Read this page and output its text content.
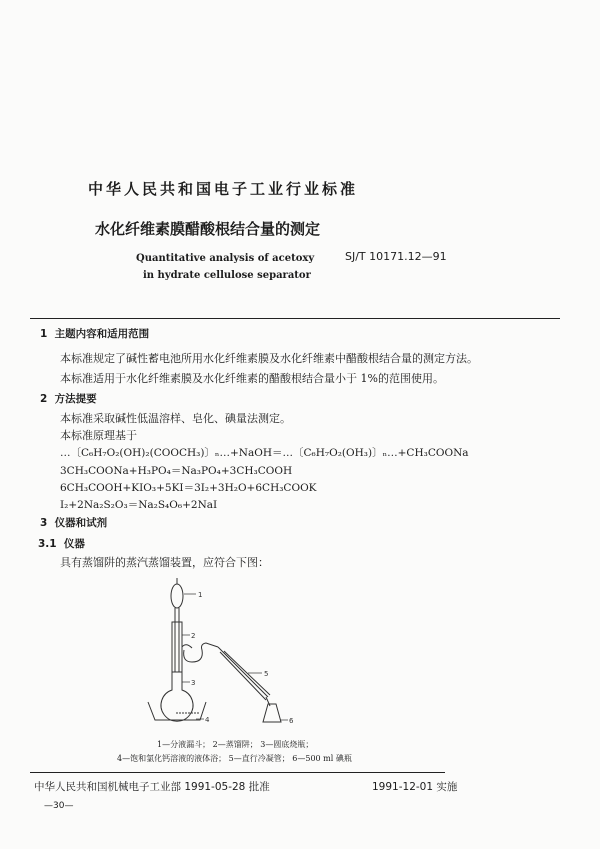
中华人民共和国电子工业行业标准
水化纤维素膜醋酸根结合量的测定
Quantitative analysis of acetoxy
in hydrate cellulose separator
SJ/T 10171.12—91
1 主题内容和适用范围
本标准规定了碱性蓄电池所用水化纤维素膜及水化纤维素中醋酸根结合量的测定方法。
本标准适用于水化纤维素膜及水化纤维素的醋酸根结合量小于 1%的范围使用。
2 方法提要
本标准采取碱性低温溶样、皂化、碘量法测定。
本标准原理基于
…〔C₆H₇O₂(OH)₂(COOCH₃)〕ₙ…+NaOH＝…〔C₆H₇O₂(OH₃)〕ₙ…+CH₃COONa
3CH₃COONa+H₃PO₄＝Na₃PO₄+3CH₃COOH
6CH₃COOH+KIO₃+5KI＝3I₂+3H₂O+6CH₃COOK
I₂+2Na₂S₂O₃＝Na₂S₄O₆+2NaI
3 仪器和试剂
3.1 仪器
具有蒸馏阱的蒸汽蒸馏装置，应符合下图：
1
2
3
4
5
6
1—分液漏斗； 2—蒸馏阱； 3—圆底烧瓶；
4—饱和氯化钙溶液的液体浴； 5—直行冷凝管； 6—500 ml 碘瓶
中华人民共和国机械电子工业部 1991-05-28 批准	1991-12-01 实施
—30—
